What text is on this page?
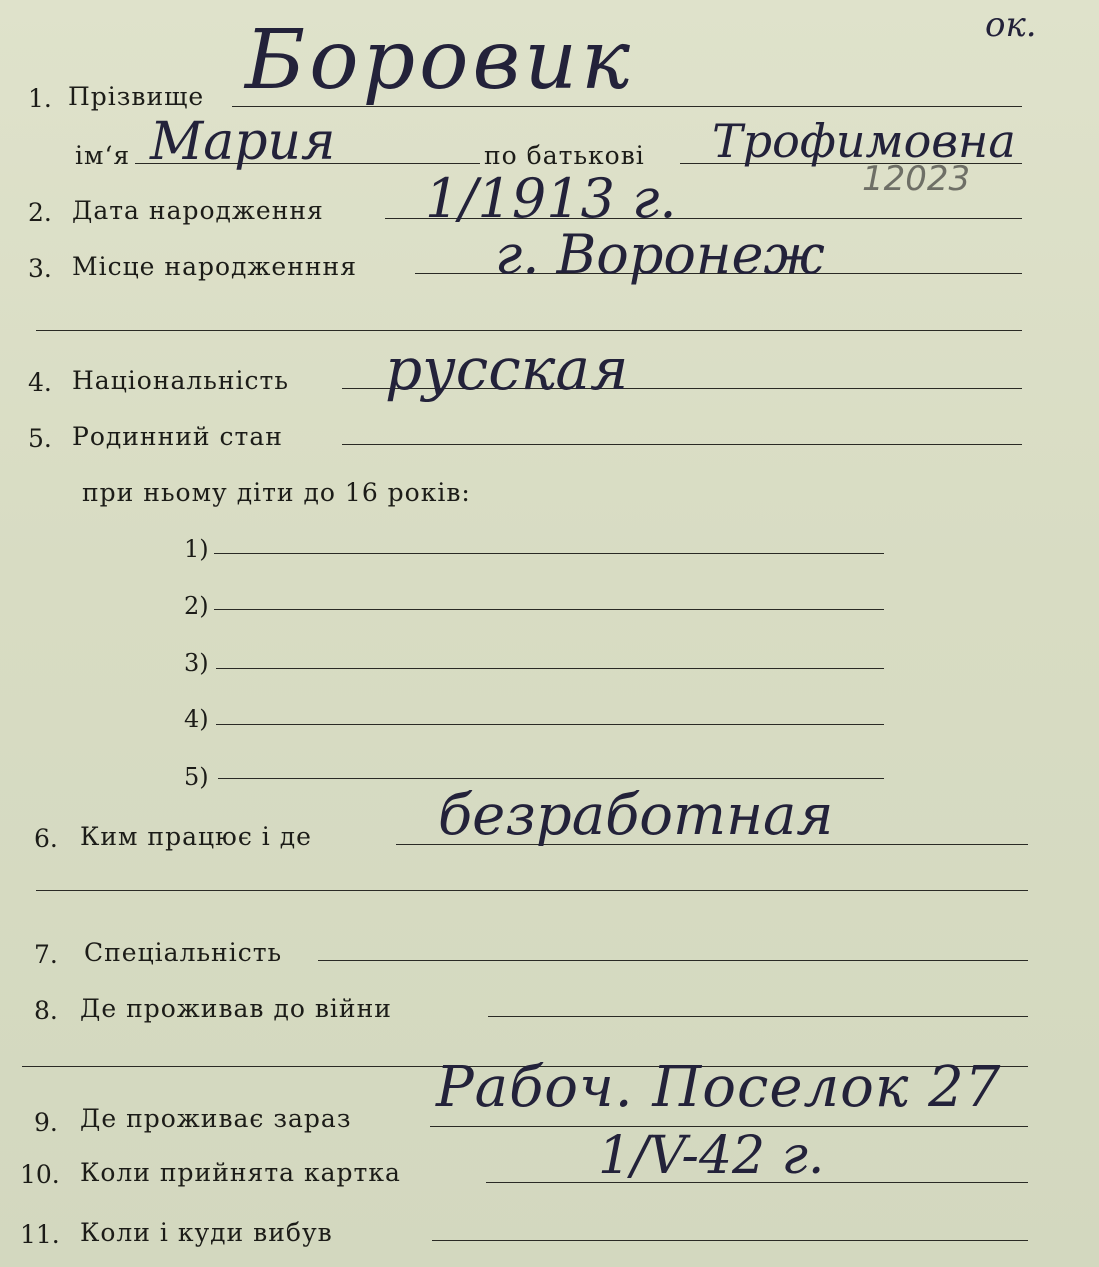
ок.
1. Прізвище Боровик
ім‘я Мария	по батькові Трофимовна
12023
2. Дата народження 1/1913 г.
3. Місце народженння	г. Воронеж
4. Національність русская
5. Родинний стан
при ньому діти до 16 років:
1)
2)
3)
4)
5)
6. Ким працює і де безработная
7. Спеціальність
8. Де проживав до війни
9. Де проживає зараз Рабоч. Поселок 27
10. Коли прийнята картка	1/V-42 г.
11. Коли і куди вибув
